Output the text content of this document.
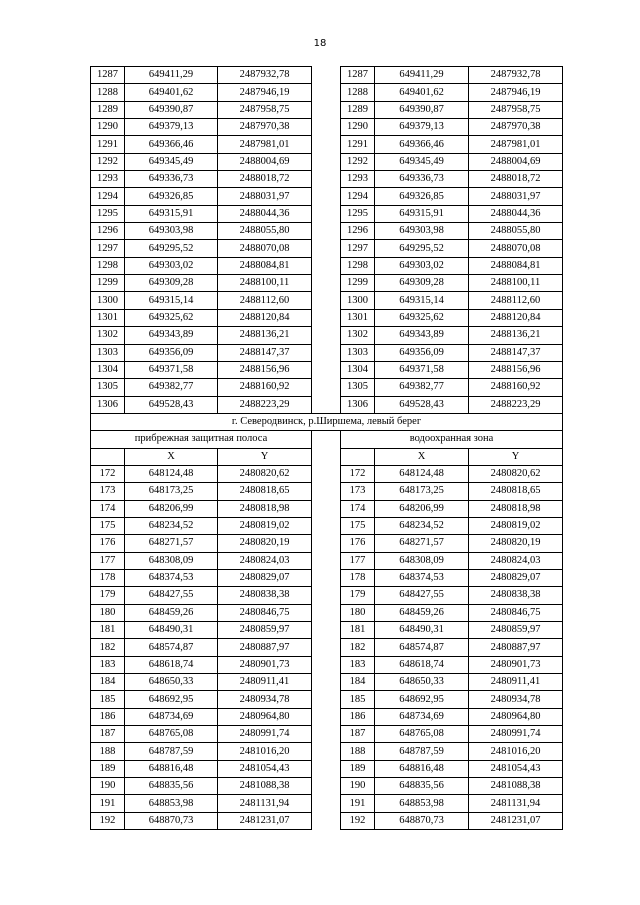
18
1287	649411,29	2487932,78		1287	649411,29	2487932,78
1288	649401,62	2487946,19		1288	649401,62	2487946,19
1289	649390,87	2487958,75		1289	649390,87	2487958,75
1290	649379,13	2487970,38		1290	649379,13	2487970,38
1291	649366,46	2487981,01		1291	649366,46	2487981,01
1292	649345,49	2488004,69		1292	649345,49	2488004,69
1293	649336,73	2488018,72		1293	649336,73	2488018,72
1294	649326,85	2488031,97		1294	649326,85	2488031,97
1295	649315,91	2488044,36		1295	649315,91	2488044,36
1296	649303,98	2488055,80		1296	649303,98	2488055,80
1297	649295,52	2488070,08		1297	649295,52	2488070,08
1298	649303,02	2488084,81		1298	649303,02	2488084,81
1299	649309,28	2488100,11		1299	649309,28	2488100,11
1300	649315,14	2488112,60		1300	649315,14	2488112,60
1301	649325,62	2488120,84		1301	649325,62	2488120,84
1302	649343,89	2488136,21		1302	649343,89	2488136,21
1303	649356,09	2488147,37		1303	649356,09	2488147,37
1304	649371,58	2488156,96		1304	649371,58	2488156,96
1305	649382,77	2488160,92		1305	649382,77	2488160,92
1306	649528,43	2488223,29		1306	649528,43	2488223,29
г. Северодвинск, р.Ширшема, левый берег						
прибрежная защитная полоса				водоохранная зона		
	X	Y			X	Y
172	648124,48	2480820,62		172	648124,48	2480820,62
173	648173,25	2480818,65		173	648173,25	2480818,65
174	648206,99	2480818,98		174	648206,99	2480818,98
175	648234,52	2480819,02		175	648234,52	2480819,02
176	648271,57	2480820,19		176	648271,57	2480820,19
177	648308,09	2480824,03		177	648308,09	2480824,03
178	648374,53	2480829,07		178	648374,53	2480829,07
179	648427,55	2480838,38		179	648427,55	2480838,38
180	648459,26	2480846,75		180	648459,26	2480846,75
181	648490,31	2480859,97		181	648490,31	2480859,97
182	648574,87	2480887,97		182	648574,87	2480887,97
183	648618,74	2480901,73		183	648618,74	2480901,73
184	648650,33	2480911,41		184	648650,33	2480911,41
185	648692,95	2480934,78		185	648692,95	2480934,78
186	648734,69	2480964,80		186	648734,69	2480964,80
187	648765,08	2480991,74		187	648765,08	2480991,74
188	648787,59	2481016,20		188	648787,59	2481016,20
189	648816,48	2481054,43		189	648816,48	2481054,43
190	648835,56	2481088,38		190	648835,56	2481088,38
191	648853,98	2481131,94		191	648853,98	2481131,94
192	648870,73	2481231,07		192	648870,73	2481231,07
